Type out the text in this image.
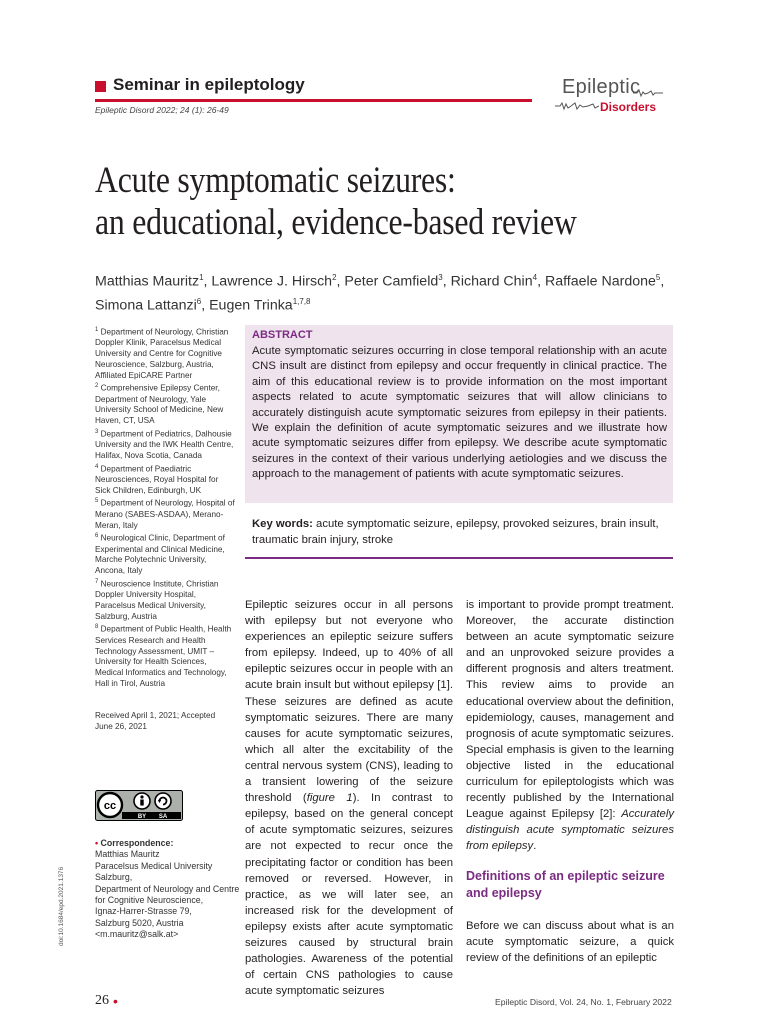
Seminar in epileptology
Epileptic Disord 2022; 24 (1): 26-49
Epileptic
Disorders
Acute symptomatic seizures:
an educational, evidence-based review
Matthias Mauritz$^1$, Lawrence J. Hirsch$^2$, Peter Camfield$^3$, Richard Chin$^4$, Raffaele Nardone$^5$,
Simona Lattanzi$^6$, Eugen Trinka$^{1,7,8}$

$^1$ Department of Neurology, Christian Doppler Klinik, Paracelsus Medical University and Centre for Cognitive Neuroscience, Salzburg, Austria, Affiliated EpiCARE Partner

$^2$ Comprehensive Epilepsy Center, Department of Neurology, Yale University School of Medicine, New Haven, CT, USA

$^3$ Department of Pediatrics, Dalhousie University and the IWK Health Centre, Halifax, Nova Scotia, Canada

$^4$ Department of Paediatric Neurosciences, Royal Hospital for Sick Children, Edinburgh, UK

$^5$ Department of Neurology, Hospital of Merano (SABES-ASDAA), Merano-Meran, Italy

$^6$ Neurological Clinic, Department of Experimental and Clinical Medicine, Marche Polytechnic University, Ancona, Italy

$^7$ Neuroscience Institute, Christian Doppler University Hospital, Paracelsus Medical University, Salzburg, Austria

$^8$ Department of Public Health, Health Services Research and Health Technology Assessment, UMIT – University for Health Sciences, Medical Informatics and Technology, Hall in Tirol, Austria

Received April 1, 2021; Accepted June 26, 2021
cc
BY SA
• Correspondence:
Matthias Mauritz
Paracelsus Medical University Salzburg,
Department of Neurology and Centre for Cognitive Neuroscience,
Ignaz-Harrer-Strasse 79,
Salzburg 5020, Austria
<m.mauritz@salk.at>
doi:10.1684/epd.2021.1376
ABSTRACT
Acute symptomatic seizures occurring in close temporal relationship with an acute CNS insult are distinct from epilepsy and occur frequently in clinical practice. The aim of this educational review is to provide information on the most important aspects related to acute symptomatic seizures that will allow clinicians to accurately distinguish acute symptomatic seizures from epilepsy in their patients. We explain the definition of acute symptomatic seizures and we illustrate how acute symptomatic seizures differ from epilepsy. We describe acute symptomatic seizures in the context of their various underlying aetiologies and we discuss the approach to the management of patients with acute symptomatic seizures.
Key words: acute symptomatic seizure, epilepsy, provoked seizures, brain insult, traumatic brain injury, stroke

Epileptic seizures occur in all persons with epilepsy but not everyone who experiences an epileptic seizure suffers from epilepsy. Indeed, up to 40% of all epileptic seizures occur in people with an acute brain insult but without epilepsy [1]. These seizures are defined as acute symptomatic seizures. There are many causes for acute symptomatic seizures, which all alter the excitability of the central nervous system (CNS), leading to a transient lowering of the seizure threshold (figure 1). In contrast to epilepsy, based on the general concept of acute symptomatic seizures, seizures are not expected to recur once the precipitating factor or condition has been removed or reversed. However, in practice, as we will later see, an increased risk for the development of epilepsy exists after acute symptomatic seizures caused by structural brain pathologies. Awareness of the potential of certain CNS pathologies to cause acute symptomatic seizures

is important to provide prompt treatment. Moreover, the accurate distinction between an acute symptomatic seizure and an unprovoked seizure provides a different prognosis and alters treatment. This review aims to provide an educational overview about the definition, epidemiology, causes, management and prognosis of acute symptomatic seizures. Special emphasis is given to the learning objective listed in the educational curriculum for epileptologists which was recently published by the International League against Epilepsy [2]: Accurately distinguish acute symptomatic seizures from epilepsy.

Definitions of an epileptic seizure and epilepsy

Before we can discuss about what is an acute symptomatic seizure, a quick review of the definitions of an epileptic

26 •	Epileptic Disord, Vol. 24, No. 1, February 2022
